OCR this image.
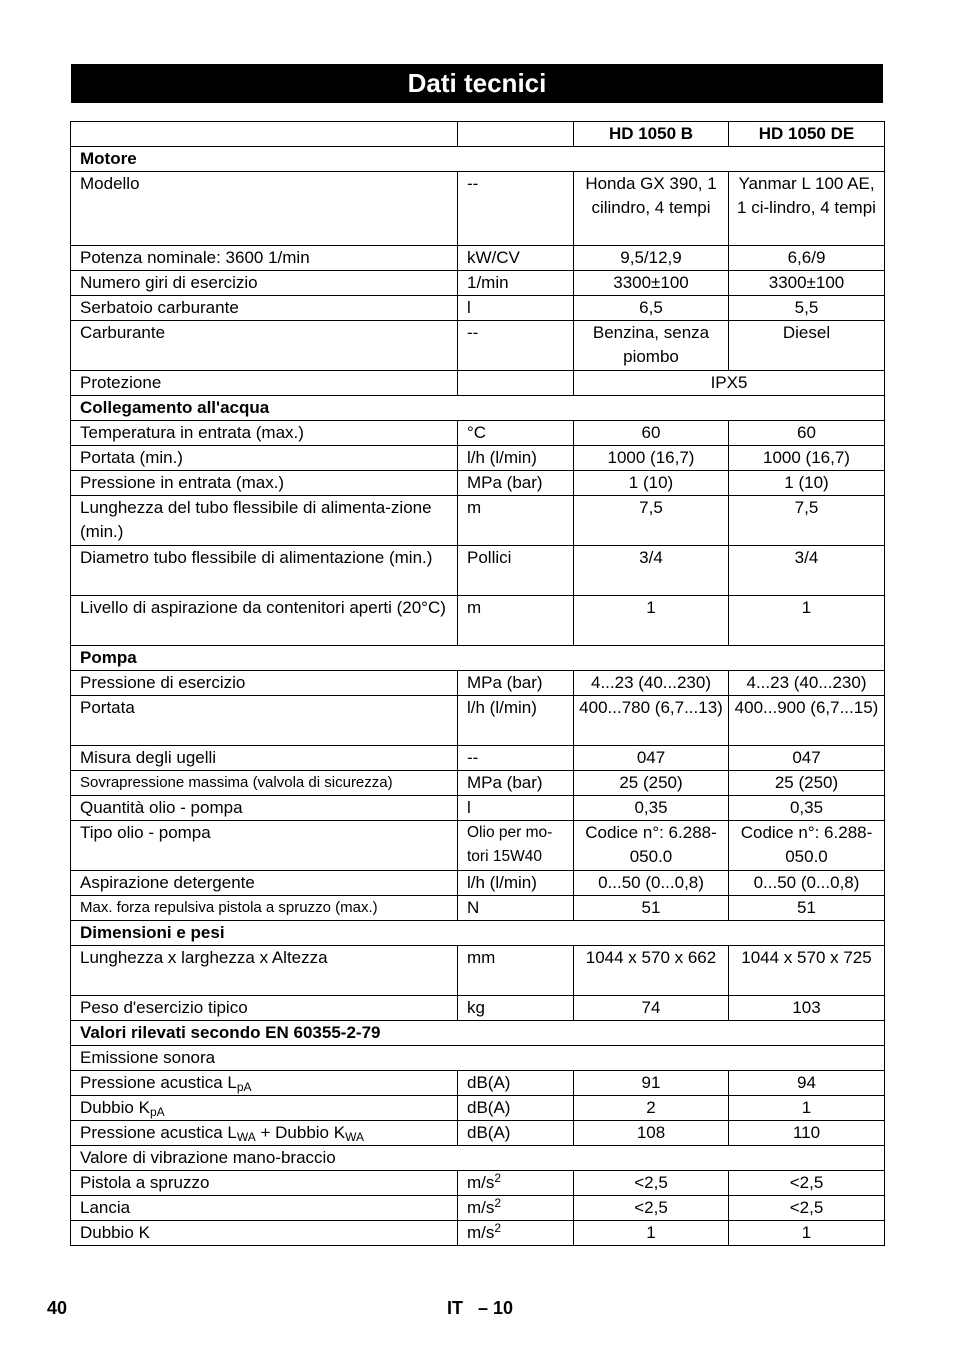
Dati tecnici
		HD 1050 B	HD 1050 DE
Motore			
Modello	--	Honda GX 390, 1 cilindro, 4 tempi	Yanmar L 100 AE, 1 ci-lindro, 4 tempi
Potenza nominale: 3600 1/min	kW/CV	9,5/12,9	6,6/9
Numero giri di esercizio	1/min	3300±100	3300±100
Serbatoio carburante	l	6,5	5,5
Carburante	--	Benzina, senza piombo	Diesel
Protezione		IPX5	
Collegamento all'acqua			
Temperatura in entrata (max.)	°C	60	60
Portata (min.)	l/h (l/min)	1000 (16,7)	1000 (16,7)
Pressione in entrata (max.)	MPa (bar)	1 (10)	1 (10)
Lunghezza del tubo flessibile di alimenta-zione (min.)	m	7,5	7,5
Diametro tubo flessibile di alimentazione (min.)	Pollici	3/4	3/4
Livello di aspirazione da contenitori aperti (20°C)	m	1	1
Pompa			
Pressione di esercizio	MPa (bar)	4...23 (40...230)	4...23 (40...230)
Portata	l/h (l/min)	400...780 (6,7...13)	400...900 (6,7...15)
Misura degli ugelli	--	047	047
Sovrapressione massima (valvola di sicurezza)	MPa (bar)	25 (250)	25 (250)
Quantità olio - pompa	l	0,35	0,35
Tipo olio - pompa	Olio per mo-tori 15W40	Codice n°: 6.288-050.0	Codice n°: 6.288-050.0
Aspirazione detergente	l/h (l/min)	0...50 (0...0,8)	0...50 (0...0,8)
Max. forza repulsiva pistola a spruzzo (max.)	N	51	51
Dimensioni e pesi			
Lunghezza x larghezza x Altezza	mm	1044 x 570 x 662	1044 x 570 x 725
Peso d'esercizio tipico	kg	74	103
Valori rilevati secondo EN 60355-2-79			
Emissione sonora			
Pressione acustica $L_{pA}$	dB(A)	91	94
Dubbio $K_{pA}$	dB(A)	2	1
Pressione acustica $L_{WA}$ + Dubbio $K_{WA}$	dB(A)	108	110
Valore di vibrazione mano-braccio			
Pistola a spruzzo	$m/s^2$	<2,5	<2,5
Lancia	$m/s^2$	<2,5	<2,5
Dubbio K	$m/s^2$	1	1
40	IT   – 10
